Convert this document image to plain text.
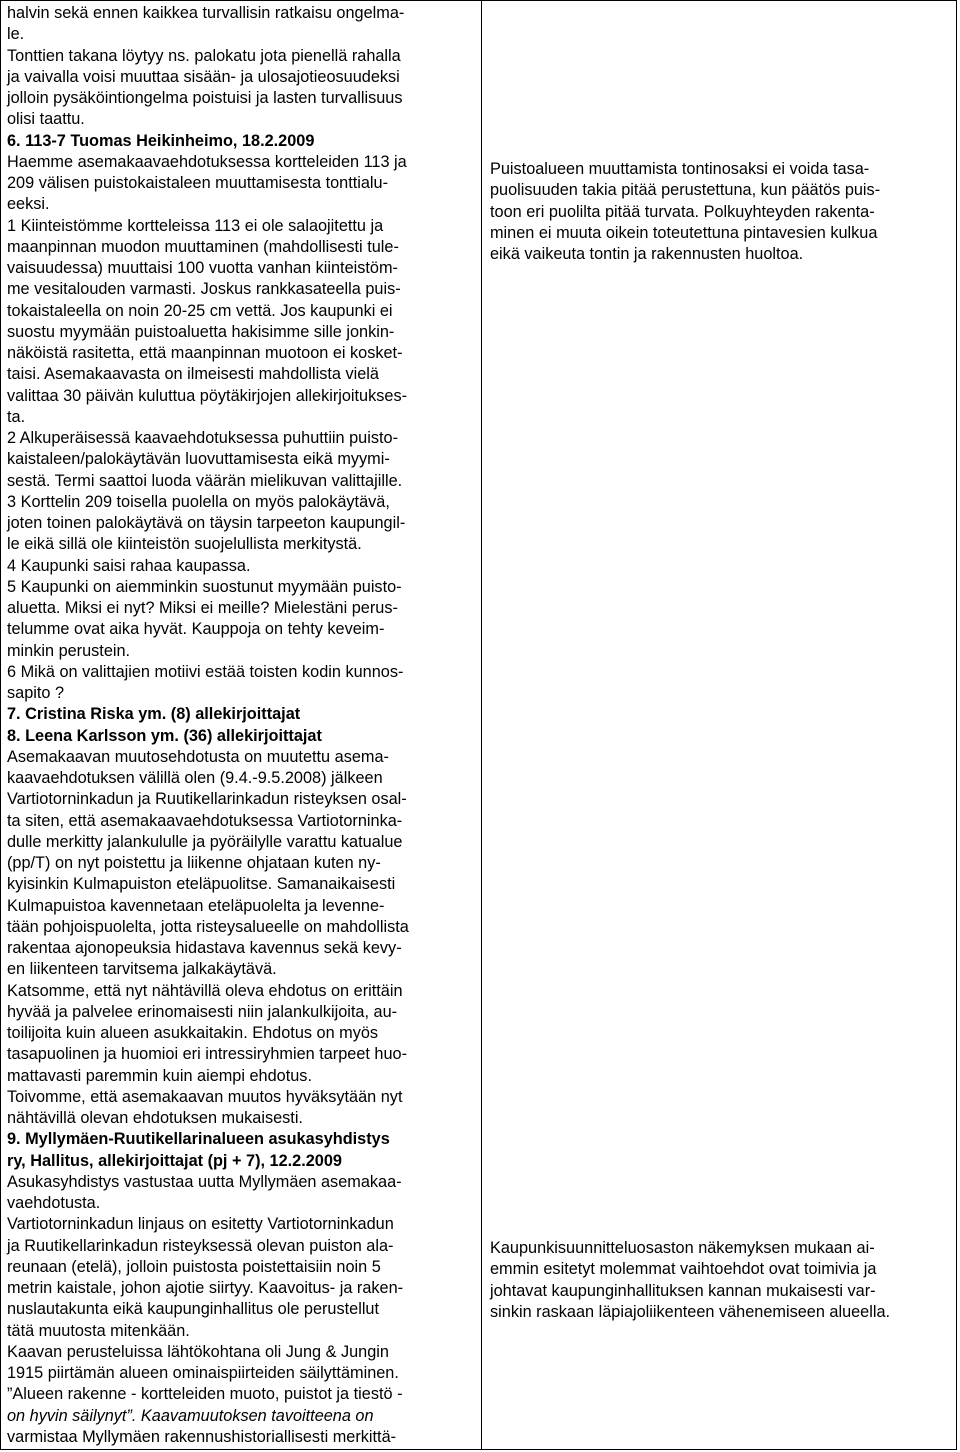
halvin sekä ennen kaikkea turvallisin ratkaisu ongelma-
le.
Tonttien takana löytyy ns. palokatu jota pienellä rahalla
ja vaivalla voisi muuttaa sisään- ja ulosajotieosuudeksi
jolloin pysäköintiongelma poistuisi ja lasten turvallisuus
olisi taattu.
6. 113-7 Tuomas Heikinheimo, 18.2.2009
Haemme asemakaavaehdotuksessa kortteleiden 113 ja
209 välisen puistokaistaleen muuttamisesta tonttialu-
eeksi.
1 Kiinteistömme kortteleissa 113 ei ole salaojitettu ja
maanpinnan muodon muuttaminen (mahdollisesti tule-
vaisuudessa) muuttaisi 100 vuotta vanhan kiinteistöm-
me vesitalouden varmasti. Joskus rankkasateella puis-
tokaistaleella on noin 20-25 cm vettä. Jos kaupunki ei
suostu myymään puistoaluetta hakisimme sille jonkin-
näköistä rasitetta, että maanpinnan muotoon ei kosket-
taisi. Asemakaavasta on ilmeisesti mahdollista vielä
valittaa 30 päivän kuluttua pöytäkirjojen allekirjoitukses-
ta.
2 Alkuperäisessä kaavaehdotuksessa puhuttiin puisto-
kaistaleen/palokäytävän luovuttamisesta eikä myymi-
sestä. Termi saattoi luoda väärän mielikuvan valittajille.
3 Korttelin 209 toisella puolella on myös palokäytävä,
joten toinen palokäytävä on täysin tarpeeton kaupungil-
le eikä sillä ole kiinteistön suojelullista merkitystä.
4 Kaupunki saisi rahaa kaupassa.
5 Kaupunki on aiemminkin suostunut myymään puisto-
aluetta. Miksi ei nyt? Miksi ei meille? Mielestäni perus-
telumme ovat aika hyvät. Kauppoja on tehty keveim-
minkin perustein.
6 Mikä on valittajien motiivi estää toisten kodin kunnos-
sapito ?
7. Cristina Riska ym. (8) allekirjoittajat
8. Leena Karlsson ym. (36) allekirjoittajat
Asemakaavan muutosehdotusta on muutettu asema-
kaavaehdotuksen välillä olen (9.4.-9.5.2008) jälkeen
Vartiotorninkadun ja Ruutikellarinkadun risteyksen osal-
ta siten, että asemakaavaehdotuksessa Vartiotorninka-
dulle merkitty jalankululle ja pyöräilylle varattu katualue
(pp/T) on nyt poistettu ja liikenne ohjataan kuten ny-
kyisinkin Kulmapuiston eteläpuolitse. Samanaikaisesti
Kulmapuistoa kavennetaan eteläpuolelta ja levenne-
tään pohjoispuolelta, jotta risteysalueelle on mahdollista
rakentaa ajonopeuksia hidastava kavennus sekä kevy-
en liikenteen tarvitsema jalkakäytävä.
Katsomme, että nyt nähtävillä oleva ehdotus on erittäin
hyvää ja palvelee erinomaisesti niin jalankulkijoita, au-
toilijoita kuin alueen asukkaitakin. Ehdotus on myös
tasapuolinen ja huomioi eri intressiryhmien tarpeet huo-
mattavasti paremmin kuin aiempi ehdotus.
Toivomme, että asemakaavan muutos hyväksytään nyt
nähtävillä olevan ehdotuksen mukaisesti.
9. Myllymäen-Ruutikellarinalueen asukasyhdistys
ry, Hallitus, allekirjoittajat (pj + 7), 12.2.2009
Asukasyhdistys vastustaa uutta Myllymäen asemakaa-
vaehdotusta.
Vartiotorninkadun linjaus on esitetty Vartiotorninkadun
ja Ruutikellarinkadun risteyksessä olevan puiston ala-
reunaan (etelä), jolloin puistosta poistettaisiin noin 5
metrin kaistale, johon ajotie siirtyy. Kaavoitus- ja raken-
nuslautakunta eikä kaupunginhallitus ole perustellut
tätä muutosta mitenkään.
Kaavan perusteluissa lähtökohtana oli Jung & Jungin
1915 piirtämän alueen ominaispiirteiden säilyttäminen.
”Alueen rakenne - kortteleiden muoto, puistot ja tiestö -
on hyvin säilynyt”. Kaavamuutoksen tavoitteena on
varmistaa Myllymäen rakennushistoriallisesti merkittä-
Puistoalueen muuttamista tontinosaksi ei voida tasa-
puolisuuden takia pitää perustettuna, kun päätös puis-
toon eri puolilta pitää turvata. Polkuyhteyden rakenta-
minen ei muuta oikein toteutettuna pintavesien kulkua
eikä vaikeuta tontin ja rakennusten huoltoa.
Kaupunkisuunnitteluosaston näkemyksen mukaan ai-
emmin esitetyt molemmat vaihtoehdot ovat toimivia ja
johtavat kaupunginhallituksen kannan mukaisesti var-
sinkin raskaan läpiajoliikenteen vähenemiseen alueella.
